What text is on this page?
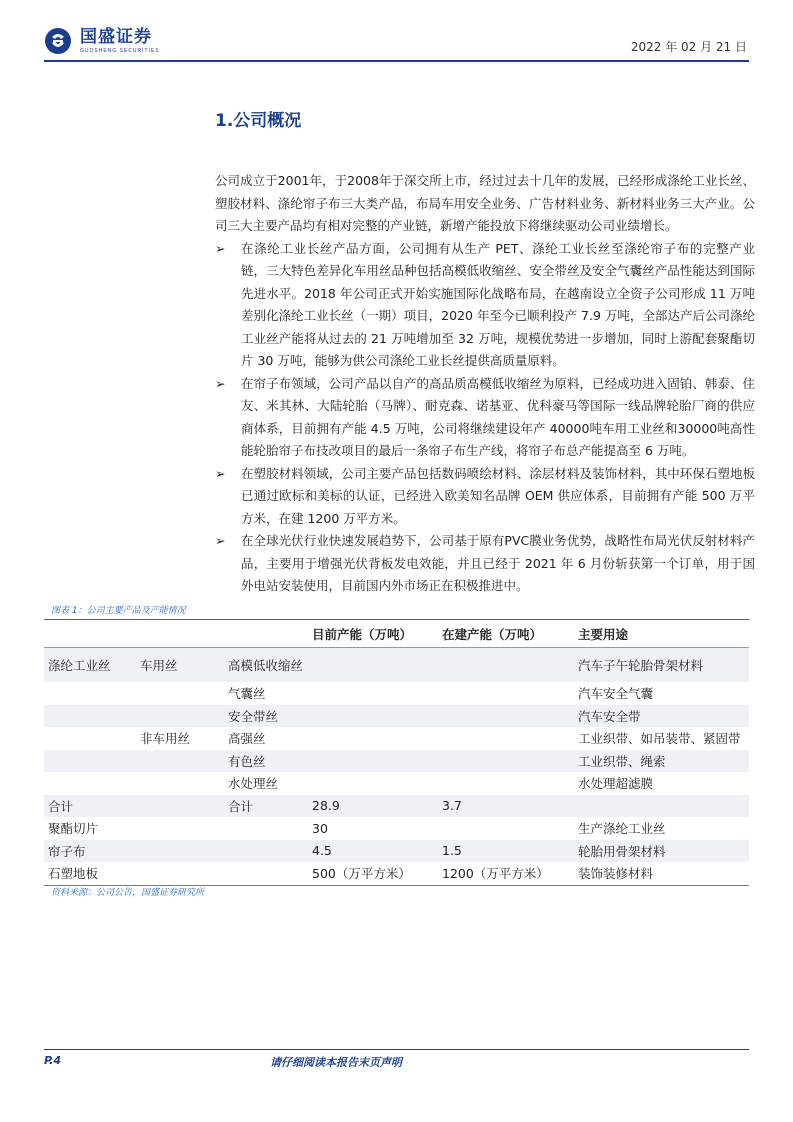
国盛证券
GUOSHENG SECURITIES	2022 年 02 月 21 日
1.公司概况

公司成立于2001年，于2008年于深交所上市，经过过去十几年的发展，已经形成涤纶工业长丝、塑胶材料、涤纶帘子布三大类产品，布局车用安全业务、广告材料业务、新材料业务三大产业。公司三大主要产品均有相对完整的产业链，新增产能投放下将继续驱动公司业绩增长。

➢	在涤纶工业长丝产品方面，公司拥有从生产 PET、涤纶工业长丝至涤纶帘子布的完整产业链，三大特色差异化车用丝品种包括高模低收缩丝、安全带丝及安全气囊丝产品性能达到国际先进水平。2018 年公司正式开始实施国际化战略布局，在越南设立全资子公司形成 11 万吨差别化涤纶工业长丝（一期）项目，2020 年至今已顺利投产 7.9 万吨，全部达产后公司涤纶工业丝产能将从过去的 21 万吨增加至 32 万吨，规模优势进一步增加，同时上游配套聚酯切片 30 万吨，能够为供公司涤纶工业长丝提供高质量原料。
➢	在帘子布领域，公司产品以自产的高品质高模低收缩丝为原料，已经成功进入固铂、韩泰、住友、米其林、大陆轮胎（马牌）、耐克森、诺基亚、优科豪马等国际一线品牌轮胎厂商的供应商体系，目前拥有产能 4.5 万吨，公司将继续建设年产 40000吨车用工业丝和30000吨高性能轮胎帘子布技改项目的最后一条帘子布生产线，将帘子布总产能提高至 6 万吨。
➢	在塑胶材料领域，公司主要产品包括数码喷绘材料、涂层材料及装饰材料，其中环保石塑地板已通过欧标和美标的认证，已经进入欧美知名品牌 OEM 供应体系，目前拥有产能 500 万平方米，在建 1200 万平方米。
➢	在全球光伏行业快速发展趋势下，公司基于原有PVC膜业务优势，战略性布局光伏反射材料产品，主要用于增强光伏背板发电效能，并且已经于 2021 年 6 月份斩获第一个订单，用于国外电站安装使用，目前国内外市场正在积极推进中。
图表 1：公司主要产品及产能情况
			目前产能（万吨）	在建产能（万吨）	主要用途
涤纶工业丝	车用丝	高模低收缩丝			汽车子午轮胎骨架材料
		气囊丝			汽车安全气囊
		安全带丝			汽车安全带
	非车用丝	高强丝			工业织带、如吊装带、紧固带
		有色丝			工业织带、绳索
		水处理丝			水处理超滤膜
合计		合计	28.9	3.7	
聚酯切片			30		生产涤纶工业丝
帘子布			4.5	1.5	轮胎用骨架材料
石塑地板			500（万平方米）	1200（万平方米）	装饰装修材料
资料来源：公司公告，国盛证券研究所
P.4	请仔细阅读本报告末页声明
